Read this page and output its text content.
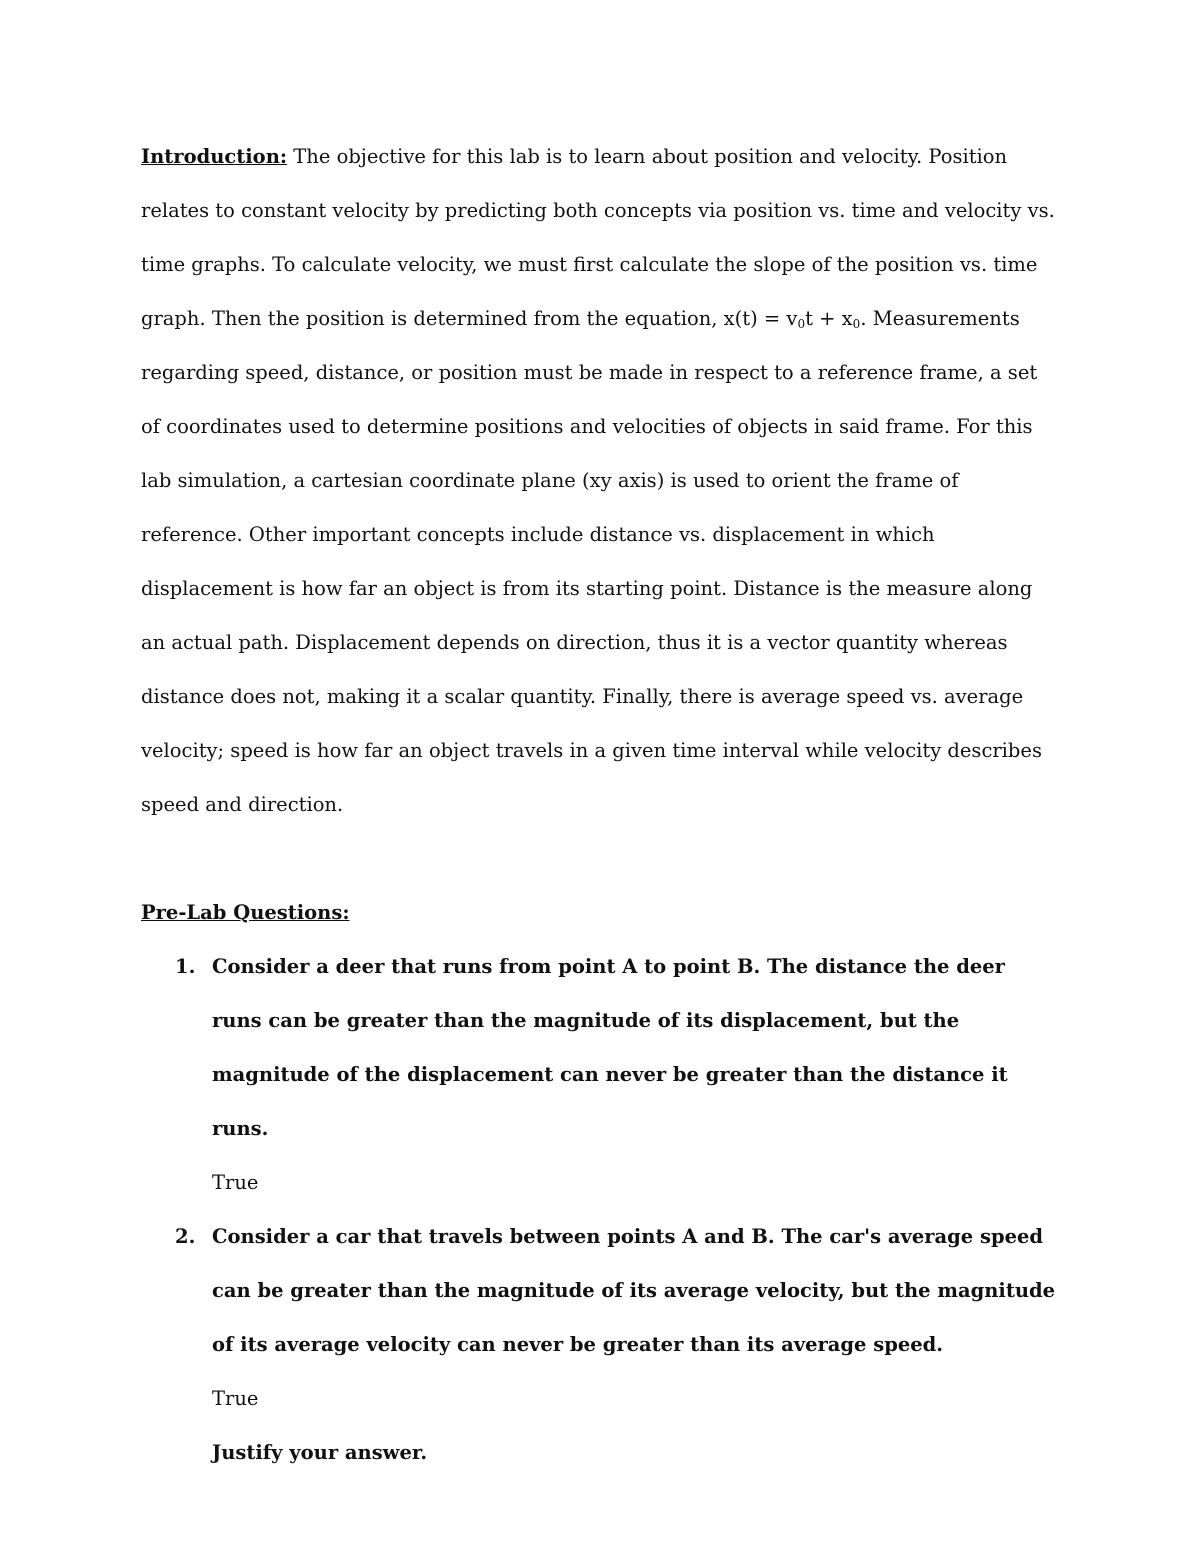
Introduction: The objective for this lab is to learn about position and velocity. Position relates to constant velocity by predicting both concepts via position vs. time and velocity vs. time graphs. To calculate velocity, we must first calculate the slope of the position vs. time graph. Then the position is determined from the equation, $x(t) = v_0t + x_0$. Measurements regarding speed, distance, or position must be made in respect to a reference frame, a set of coordinates used to determine positions and velocities of objects in said frame. For this lab simulation, a cartesian coordinate plane (xy axis) is used to orient the frame of reference. Other important concepts include distance vs. displacement in which displacement is how far an object is from its starting point. Distance is the measure along an actual path. Displacement depends on direction, thus it is a vector quantity whereas distance does not, making it a scalar quantity. Finally, there is average speed vs. average velocity; speed is how far an object travels in a given time interval while velocity describes speed and direction.

Pre-Lab Questions:
1. Consider a deer that runs from point A to point B. The distance the deer runs can be greater than the magnitude of its displacement, but the magnitude of the displacement can never be greater than the distance it runs.
True
2. Consider a car that travels between points A and B. The car's average speed can be greater than the magnitude of its average velocity, but the magnitude of its average velocity can never be greater than its average speed.
True
Justify your answer.
